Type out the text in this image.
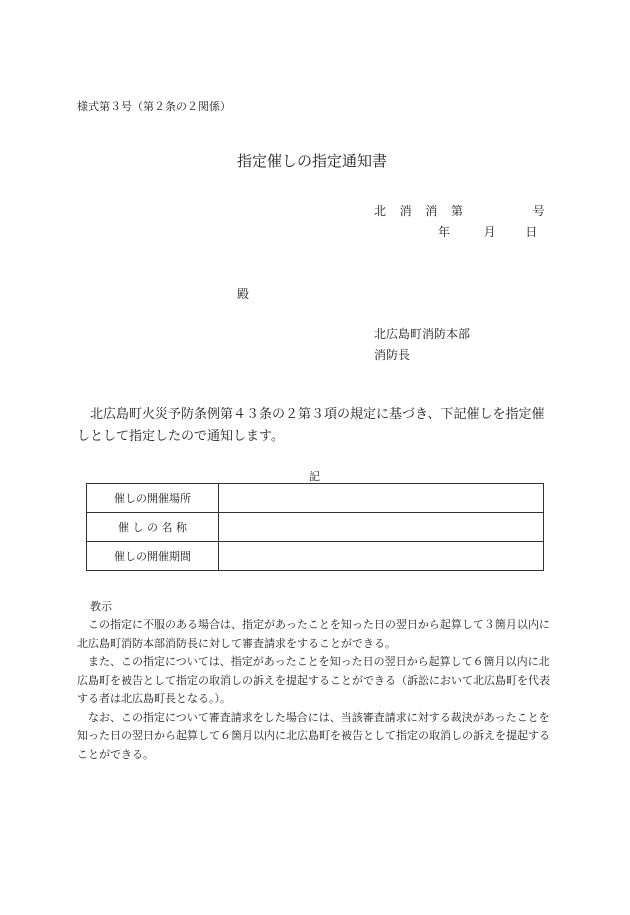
様式第３号（第２条の２関係）
指定催しの指定通知書
北 消 消 第	号
年	月 日
殿
北広島町消防本部
消防長
北広島町火災予防条例第４３条の２第３項の規定に基づき、下記催しを指定催しとして指定したので通知します。
記
催しの開催場所	
催 し の 名 称	
催しの開催期間	
教示

この指定に不服のある場合は、指定があったことを知った日の翌日から起算して３箇月以内に北広島町消防本部消防長に対して審査請求をすることができる。

また、この指定については、指定があったことを知った日の翌日から起算して６箇月以内に北広島町を被告として指定の取消しの訴えを提起することができる（訴訟において北広島町を代表する者は北広島町長となる。）。

なお、この指定について審査請求をした場合には、当該審査請求に対する裁決があったことを知った日の翌日から起算して６箇月以内に北広島町を被告として指定の取消しの訴えを提起することができる。
